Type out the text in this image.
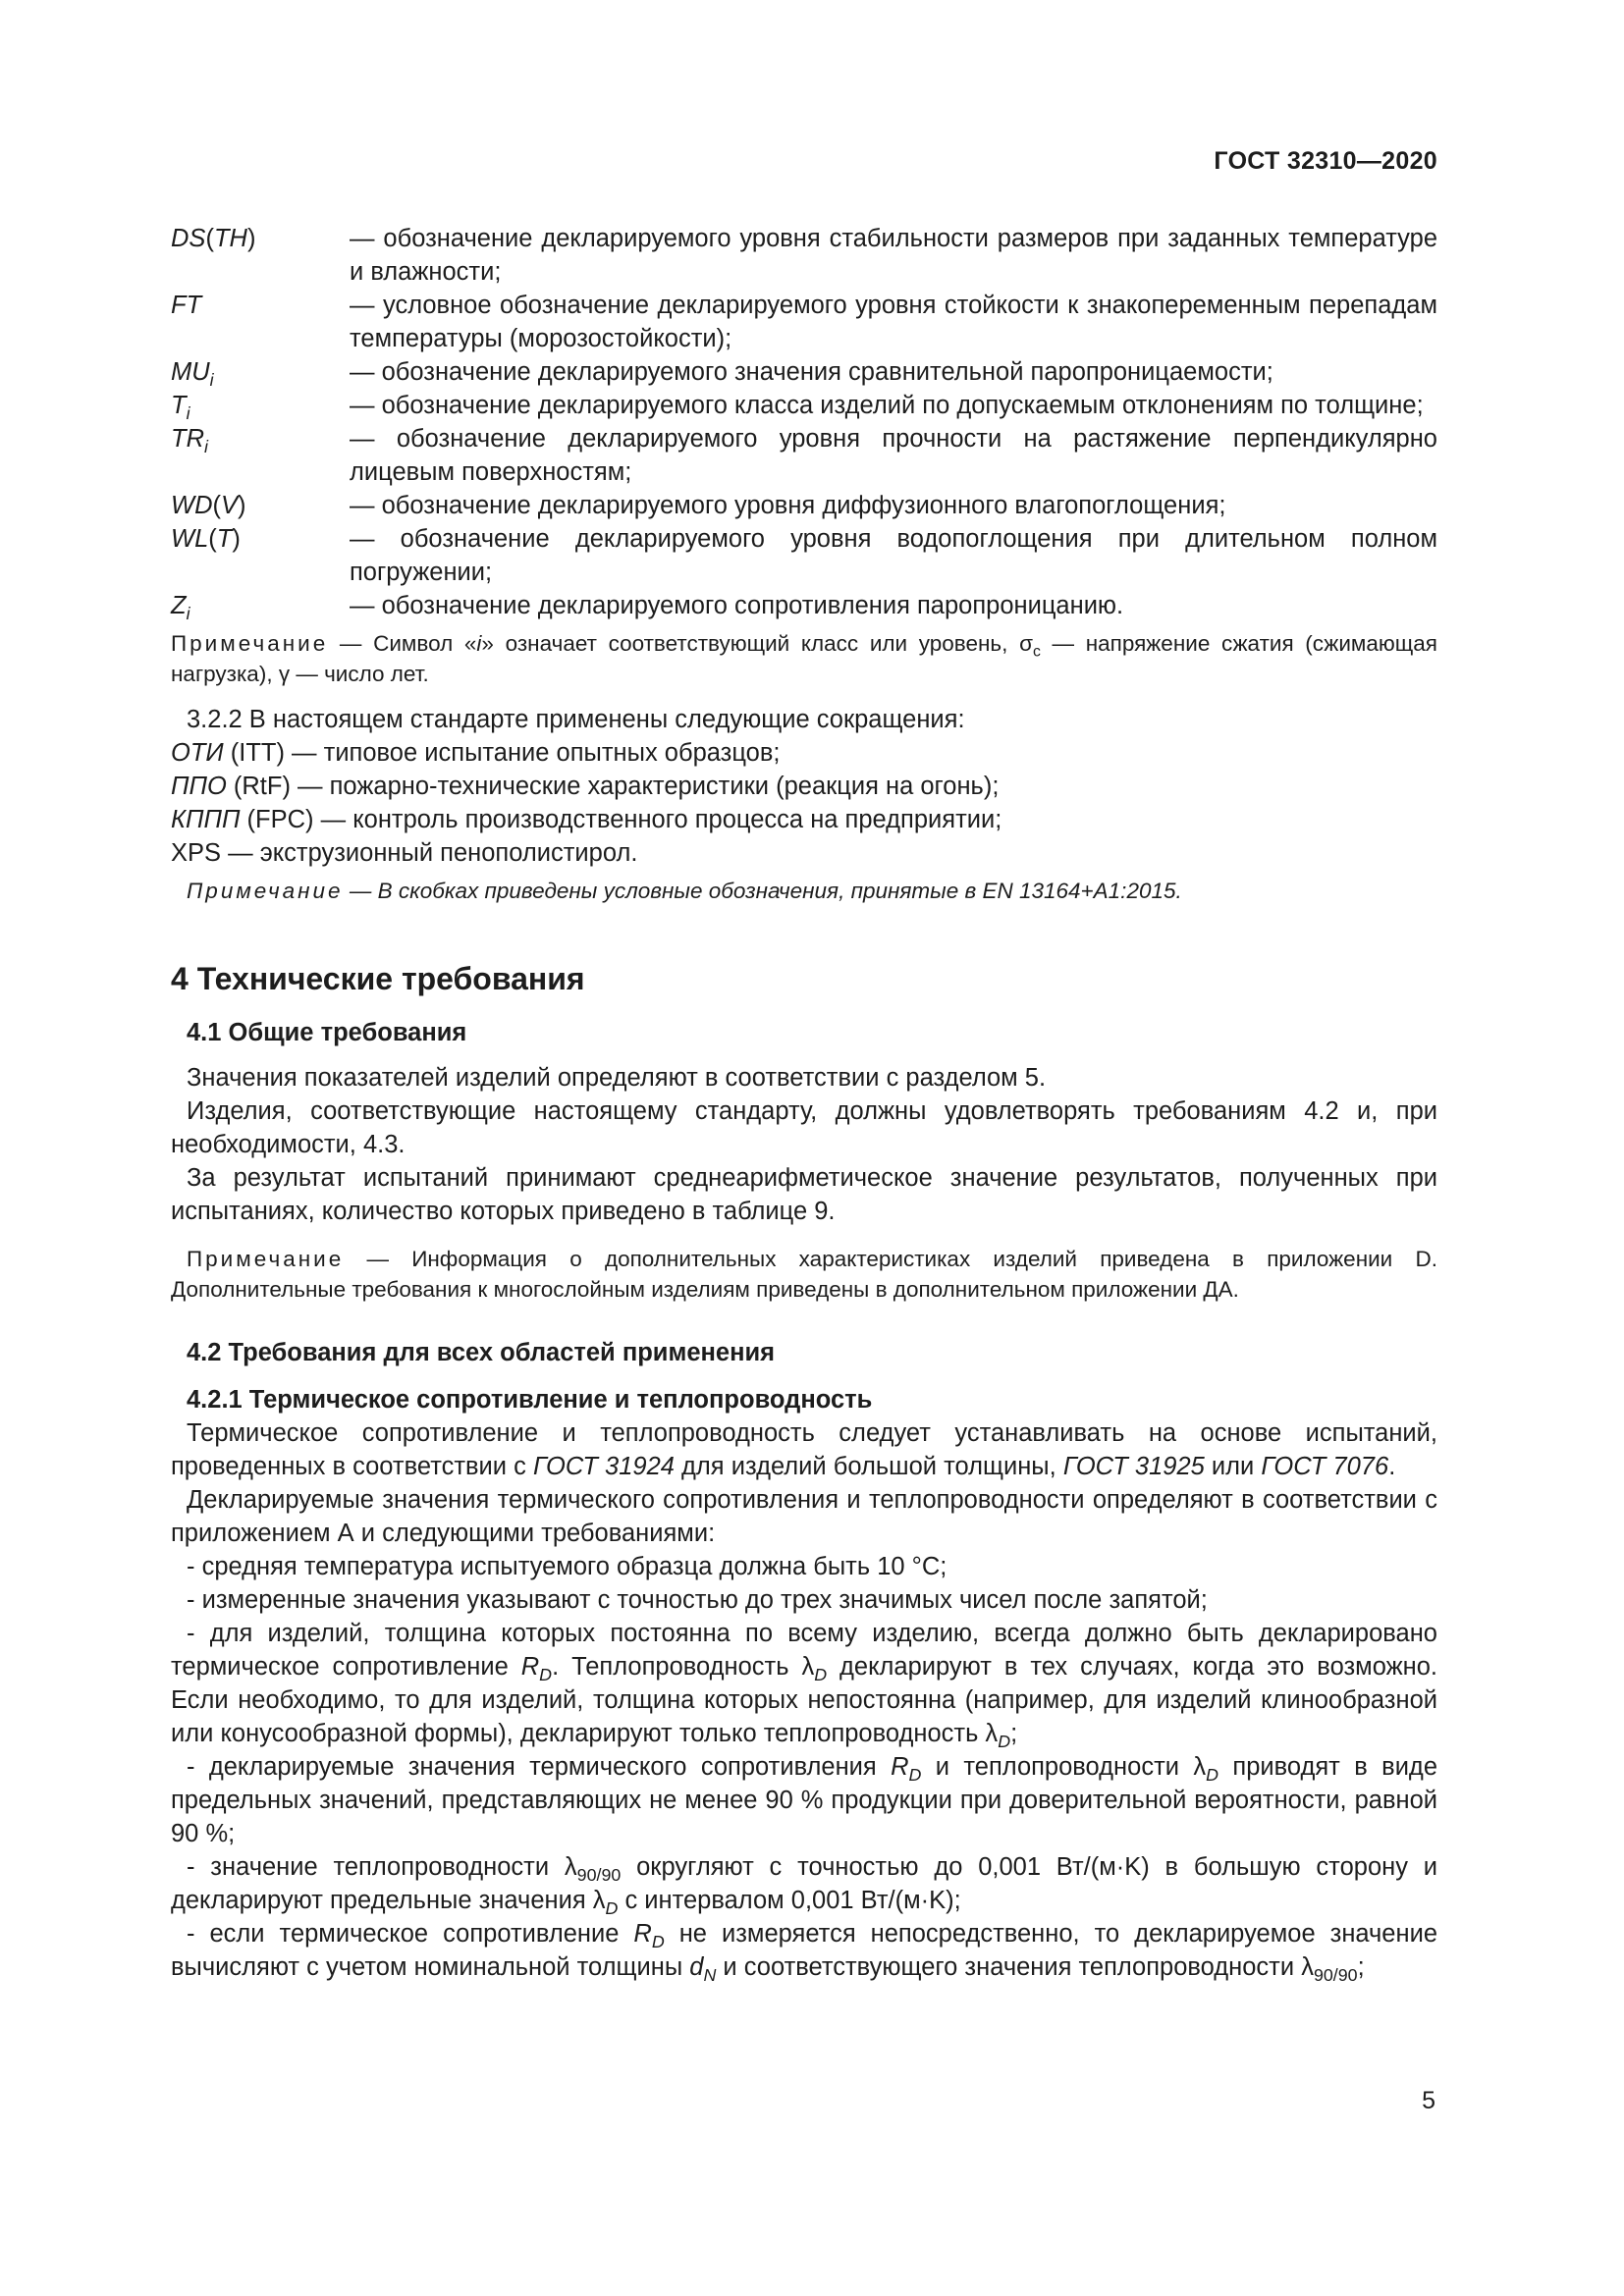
ГОСТ 32310—2020
DS(TH)	— обозначение декларируемого уровня стабильности размеров при заданных температуре и влажности;
FT	— условное обозначение декларируемого уровня стойкости к знакопеременным перепадам температуры (морозостойкости);
$MU_i$	— обозначение декларируемого значения сравнительной паропроницаемости;
$T_i$	— обозначение декларируемого класса изделий по допускаемым отклонениям по толщине;
$TR_i$	— обозначение декларируемого уровня прочности на растяжение перпендикулярно лицевым поверхностям;
WD(V)	— обозначение декларируемого уровня диффузионного влагопоглощения;
WL(T)	— обозначение декларируемого уровня водопоглощения при длительном полном погружении;
$Z_i$	— обозначение декларируемого сопротивления паропроницанию.

Примечание — Символ «i» означает соответствующий класс или уровень, $\sigma_c$ — напряжение сжатия (сжимающая нагрузка), γ — число лет.

3.2.2 В настоящем стандарте применены следующие сокращения:

ОТИ (ITT) — типовое испытание опытных образцов;

ППО (RtF) — пожарно-технические характеристики (реакция на огонь);

КППП (FPC) — контроль производственного процесса на предприятии;

XPS — экструзионный пенополистирол.

Примечание — В скобках приведены условные обозначения, принятые в EN 13164+A1:2015.

4 Технические требования
4.1 Общие требования

Значения показателей изделий определяют в соответствии с разделом 5.

Изделия, соответствующие настоящему стандарту, должны удовлетворять требованиям 4.2 и, при необходимости, 4.3.

За результат испытаний принимают среднеарифметическое значение результатов, полученных при испытаниях, количество которых приведено в таблице 9.

Примечание — Информация о дополнительных характеристиках изделий приведена в приложении D. Дополнительные требования к многослойным изделиям приведены в дополнительном приложении ДА.

4.2 Требования для всех областей применения
4.2.1 Термическое сопротивление и теплопроводность

Термическое сопротивление и теплопроводность следует устанавливать на основе испытаний, проведенных в соответствии с ГОСТ 31924 для изделий большой толщины, ГОСТ 31925 или ГОСТ 7076.

Декларируемые значения термического сопротивления и теплопроводности определяют в соответствии с приложением А и следующими требованиями:

- средняя температура испытуемого образца должна быть 10 °C;

- измеренные значения указывают с точностью до трех значимых чисел после запятой;

- для изделий, толщина которых постоянна по всему изделию, всегда должно быть декларировано термическое сопротивление $R_D$. Теплопроводность $\lambda_D$ декларируют в тех случаях, когда это возможно. Если необходимо, то для изделий, толщина которых непостоянна (например, для изделий клинообразной или конусообразной формы), декларируют только теплопроводность $\lambda_D$;

- декларируемые значения термического сопротивления $R_D$ и теплопроводности $\lambda_D$ приводят в виде предельных значений, представляющих не менее 90 % продукции при доверительной вероятности, равной 90 %;

- значение теплопроводности $\lambda_{90/90}$ округляют с точностью до 0,001 Вт/(м·K) в большую сторону и декларируют предельные значения $\lambda_D$ с интервалом 0,001 Вт/(м·K);

- если термическое сопротивление $R_D$ не измеряется непосредственно, то декларируемое значение вычисляют с учетом номинальной толщины $d_N$ и соответствующего значения теплопроводности $\lambda_{90/90}$;

5
